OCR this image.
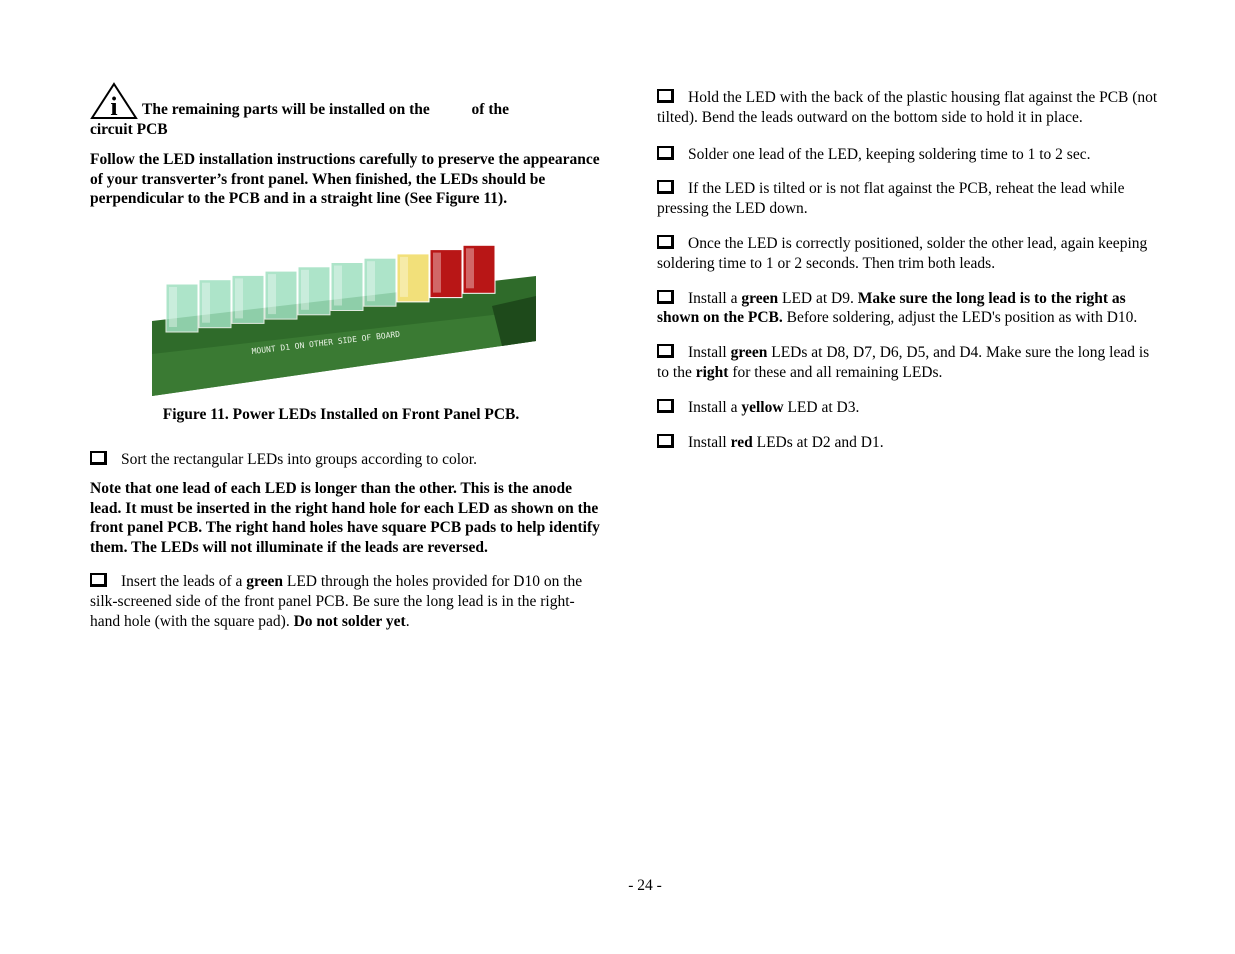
i The remaining parts will be installed on the	of the
circuit PCB

Follow the LED installation instructions carefully to preserve the appearance of your transverter’s front panel. When finished, the LEDs should be perpendicular to the PCB and in a straight line (See Figure 11).

MOUNT D1 ON OTHER SIDE OF BOARD

Figure 11. Power LEDs Installed on Front Panel PCB.

Sort the rectangular LEDs into groups according to color.

Note that one lead of each LED is longer than the other. This is the anode lead. It must be inserted in the right hand hole for each LED as shown on the front panel PCB. The right hand holes have square PCB pads to help identify them. The LEDs will not illuminate if the leads are reversed.

Insert the leads of a green LED through the holes provided for D10 on the silk-screened side of the front panel PCB. Be sure the long lead is in the right-hand hole (with the square pad). Do not solder yet.

Hold the LED with the back of the plastic housing flat against the PCB (not tilted). Bend the leads outward on the bottom side to hold it in place.

Solder one lead of the LED, keeping soldering time to 1 to 2 sec.

If the LED is tilted or is not flat against the PCB, reheat the lead while pressing the LED down.

Once the LED is correctly positioned, solder the other lead, again keeping soldering time to 1 or 2 seconds. Then trim both leads.

Install a green LED at D9. Make sure the long lead is to the right as shown on the PCB. Before soldering, adjust the LED's position as with D10.

Install green LEDs at D8, D7, D6, D5, and D4. Make sure the long lead is to the right for these and all remaining LEDs.

Install a yellow LED at D3.

Install red LEDs at D2 and D1.

- 24 -
